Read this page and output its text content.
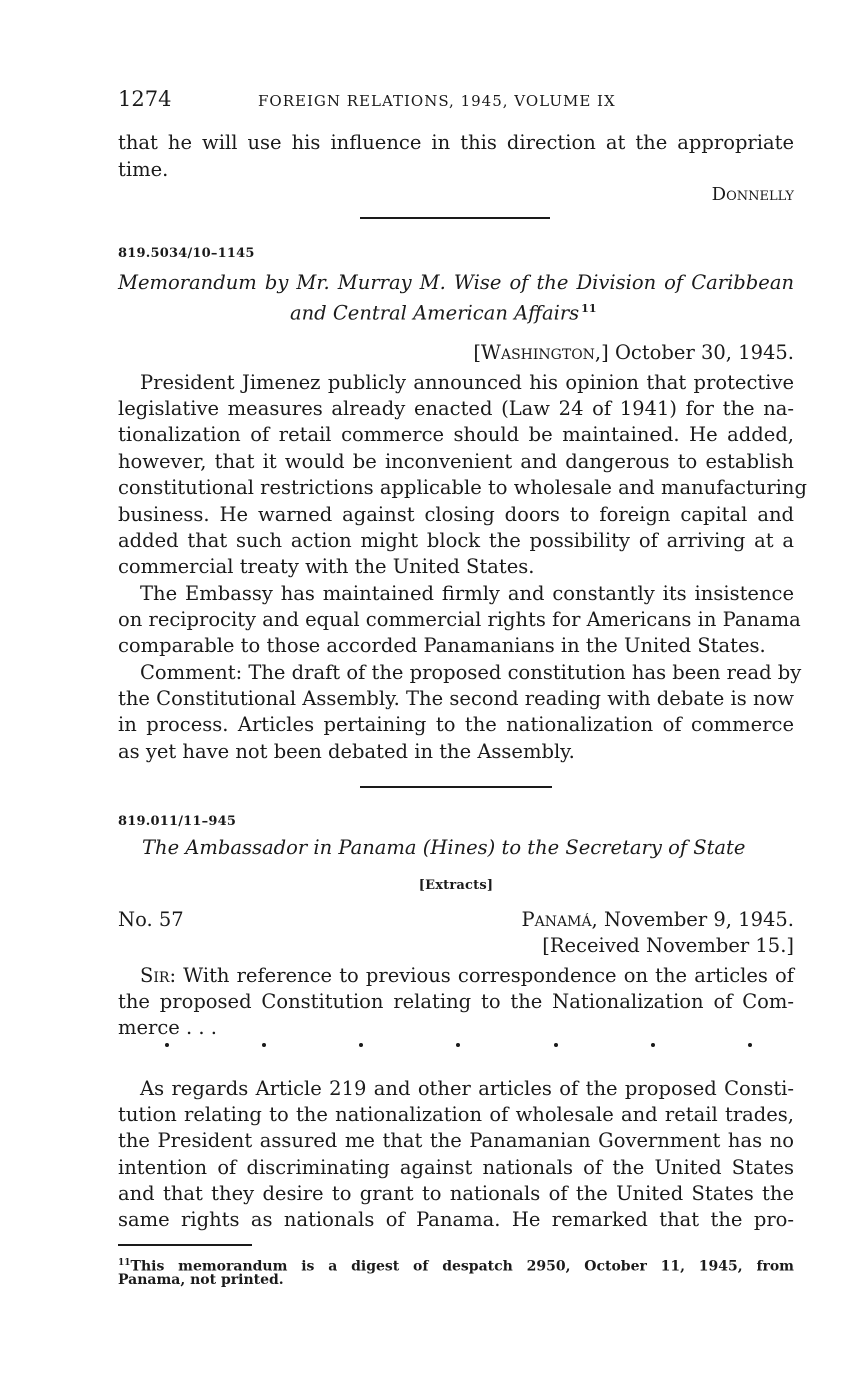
1274	FOREIGN RELATIONS, 1945, VOLUME IX
that he will use his influence in this direction at the appropriate
time.
Donnelly
819.5034/10–1145
Memorandum by Mr. Murray M. Wise of the Division of Caribbean
and Central American Affairs $^{11}$
[Washington,] October 30, 1945.
President Jimenez publicly announced his opinion that protective
legislative measures already enacted (Law 24 of 1941) for the na-
tionalization of retail commerce should be maintained. He added,
however, that it would be inconvenient and dangerous to establish
constitutional restrictions applicable to wholesale and manufacturing
business. He warned against closing doors to foreign capital and
added that such action might block the possibility of arriving at a
commercial treaty with the United States.
The Embassy has maintained firmly and constantly its insistence
on reciprocity and equal commercial rights for Americans in Panama
comparable to those accorded Panamanians in the United States.
Comment: The draft of the proposed constitution has been read by
the Constitutional Assembly. The second reading with debate is now
in process. Articles pertaining to the nationalization of commerce
as yet have not been debated in the Assembly.
819.011/11–945
The Ambassador in Panama (Hines) to the Secretary of State
[Extracts]
No. 57	Panamá, November 9, 1945.
[Received November 15.]
Sir: With reference to previous correspondence on the articles of
the proposed Constitution relating to the Nationalization of Com-
merce . . .
As regards Article 219 and other articles of the proposed Consti-
tution relating to the nationalization of wholesale and retail trades,
the President assured me that the Panamanian Government has no
intention of discriminating against nationals of the United States
and that they desire to grant to nationals of the United States the
same rights as nationals of Panama. He remarked that the pro-
$^{11}$This memorandum is a digest of despatch 2950, October 11, 1945, from
Panama, not printed.
